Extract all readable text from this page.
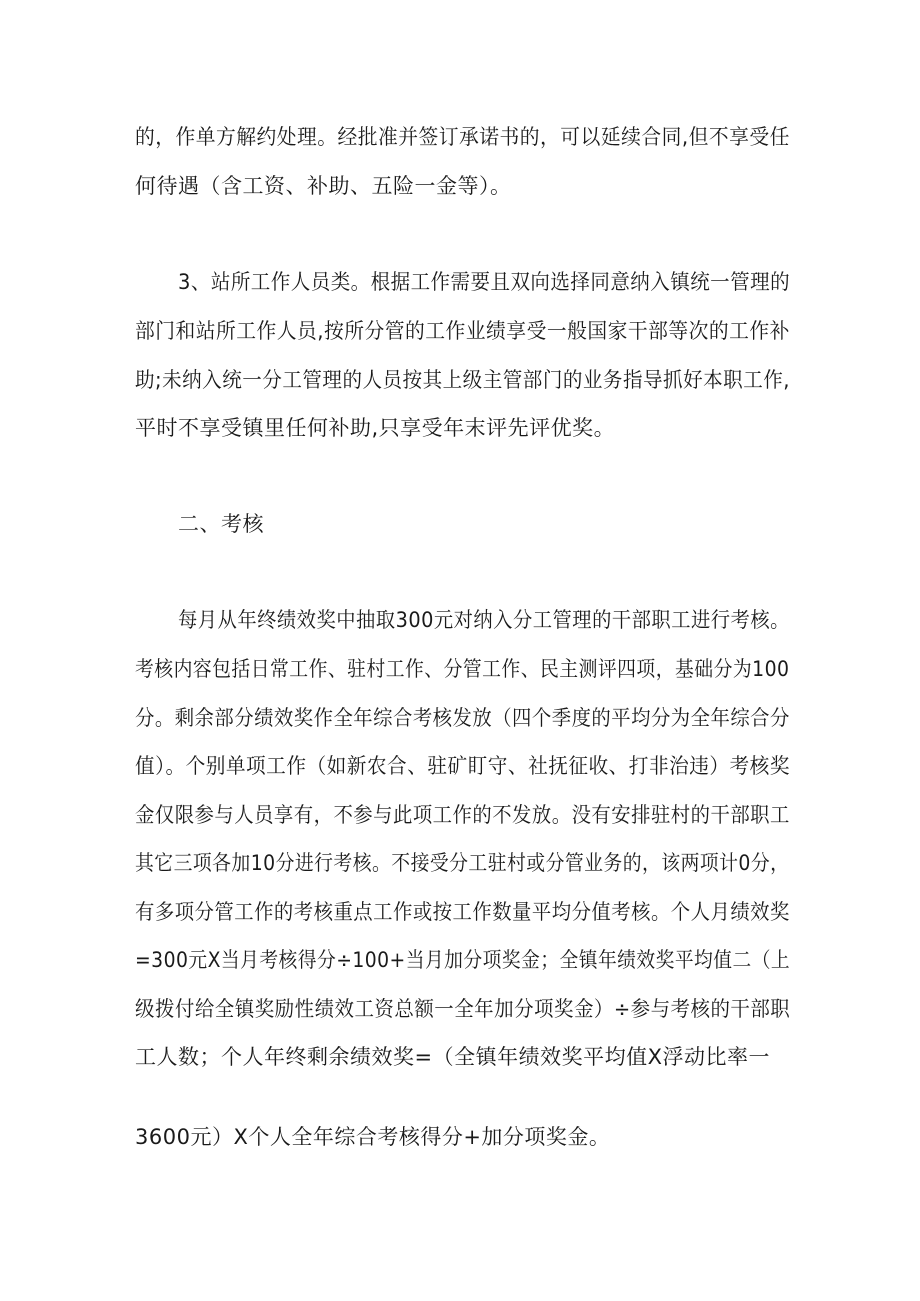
的，作单方解约处理。经批准并签订承诺书的，可以延续合同,但不享受任
何待遇（含工资、补助、五险一金等）。
3、站所工作人员类。根据工作需要且双向选择同意纳入镇统一管理的
部门和站所工作人员,按所分管的工作业绩享受一般国家干部等次的工作补
助;未纳入统一分工管理的人员按其上级主管部门的业务指导抓好本职工作,
平时不享受镇里任何补助,只享受年末评先评优奖。
二、考核
每月从年终绩效奖中抽取300元对纳入分工管理的干部职工进行考核。
考核内容包括日常工作、驻村工作、分管工作、民主测评四项，基础分为100
分。剩余部分绩效奖作全年综合考核发放（四个季度的平均分为全年综合分
值）。个别单项工作（如新农合、驻矿盯守、社抚征收、打非治违）考核奖
金仅限参与人员享有，不参与此项工作的不发放。没有安排驻村的干部职工
其它三项各加10分进行考核。不接受分工驻村或分管业务的，该两项计0分，
有多项分管工作的考核重点工作或按工作数量平均分值考核。个人月绩效奖
=300元X当月考核得分÷100+当月加分项奖金；全镇年绩效奖平均值二（上
级拨付给全镇奖励性绩效工资总额一全年加分项奖金）÷参与考核的干部职
工人数；个人年终剩余绩效奖=（全镇年绩效奖平均值X浮动比率一
3600元）X个人全年综合考核得分+加分项奖金。
